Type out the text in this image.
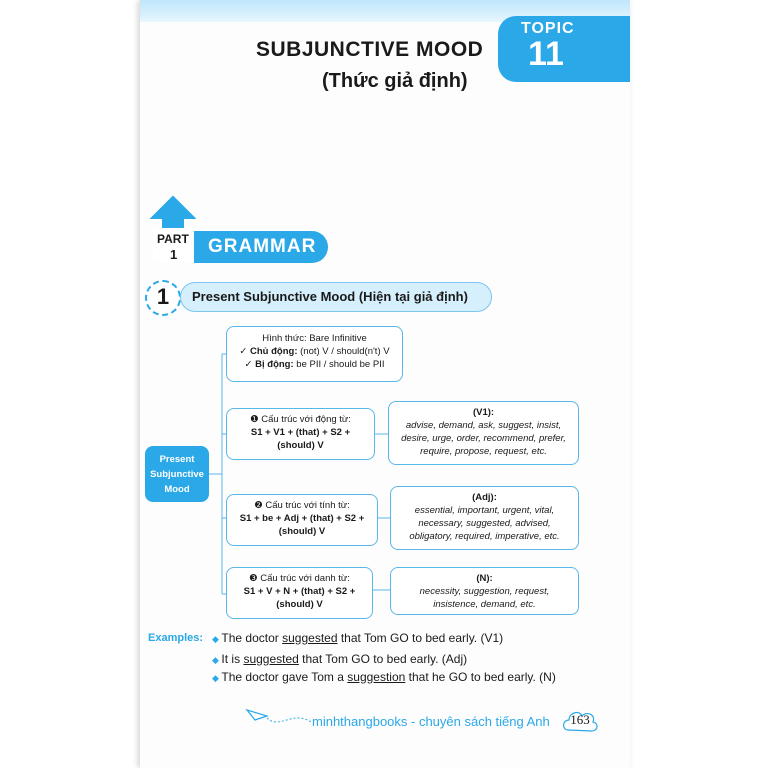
TOPIC
11
SUBJUNCTIVE MOOD
(Thức giả định)
PART
1 GRAMMAR
1	Present Subjunctive Mood (Hiện tại giả định)
Present
Subjunctive
Mood
Hình thức: Bare Infinitive
✓ Chủ động: (not) V / should(n't) V
✓ Bị động: be PII / should be PII
❶ Cấu trúc với động từ:
S1 + V1 + (that) + S2 +
(should) V
(V1):
advise, demand, ask, suggest, insist,
desire, urge, order, recommend, prefer,
require, propose, request, etc.
❷ Cấu trúc với tính từ:
S1 + be + Adj + (that) + S2 +
(should) V
(Adj):
essential, important, urgent, vital,
necessary, suggested, advised,
obligatory, required, imperative, etc.
❸ Cấu trúc với danh từ:
S1 + V + N + (that) + S2 +
(should) V
(N):
necessity, suggestion, request,
insistence, demand, etc.
Examples: ◆ The doctor suggested that Tom GO to bed early. (V1)
◆ It is suggested that Tom GO to bed early. (Adj)
◆ The doctor gave Tom a suggestion that he GO to bed early. (N)
minhthangbooks - chuyên sách tiếng Anh	163
